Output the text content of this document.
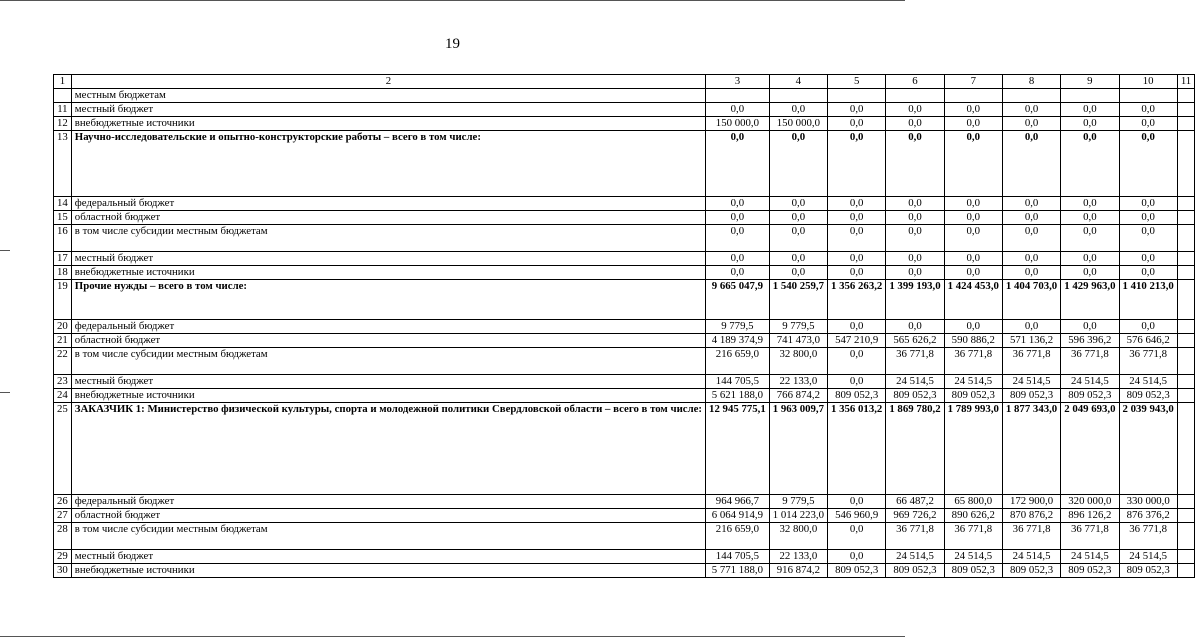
19
1	2	3	4	5	6	7	8	9	10	11
	местным бюджетам									
11	местный бюджет	0,0	0,0	0,0	0,0	0,0	0,0	0,0	0,0	
12	внебюджетные источники	150 000,0	150 000,0	0,0	0,0	0,0	0,0	0,0	0,0	
13	Научно-исследовательские и опытно-конструкторские работы – всего в том числе:	0,0	0,0	0,0	0,0	0,0	0,0	0,0	0,0	
14	федеральный бюджет	0,0	0,0	0,0	0,0	0,0	0,0	0,0	0,0	
15	областной бюджет	0,0	0,0	0,0	0,0	0,0	0,0	0,0	0,0	
16	в том числе субсидии местным бюджетам	0,0	0,0	0,0	0,0	0,0	0,0	0,0	0,0	
17	местный бюджет	0,0	0,0	0,0	0,0	0,0	0,0	0,0	0,0	
18	внебюджетные источники	0,0	0,0	0,0	0,0	0,0	0,0	0,0	0,0	
19	Прочие нужды – всего в том числе:	9 665 047,9	1 540 259,7	1 356 263,2	1 399 193,0	1 424 453,0	1 404 703,0	1 429 963,0	1 410 213,0	
20	федеральный бюджет	9 779,5	9 779,5	0,0	0,0	0,0	0,0	0,0	0,0	
21	областной бюджет	4 189 374,9	741 473,0	547 210,9	565 626,2	590 886,2	571 136,2	596 396,2	576 646,2	
22	в том числе субсидии местным бюджетам	216 659,0	32 800,0	0,0	36 771,8	36 771,8	36 771,8	36 771,8	36 771,8	
23	местный бюджет	144 705,5	22 133,0	0,0	24 514,5	24 514,5	24 514,5	24 514,5	24 514,5	
24	внебюджетные источники	5 621 188,0	766 874,2	809 052,3	809 052,3	809 052,3	809 052,3	809 052,3	809 052,3	
25	ЗАКАЗЧИК 1: Министерство физической культуры, спорта и молодежной политики Свердловской области – всего в том числе:	12 945 775,1	1 963 009,7	1 356 013,2	1 869 780,2	1 789 993,0	1 877 343,0	2 049 693,0	2 039 943,0	
26	федеральный бюджет	964 966,7	9 779,5	0,0	66 487,2	65 800,0	172 900,0	320 000,0	330 000,0	
27	областной бюджет	6 064 914,9	1 014 223,0	546 960,9	969 726,2	890 626,2	870 876,2	896 126,2	876 376,2	
28	в том числе субсидии местным бюджетам	216 659,0	32 800,0	0,0	36 771,8	36 771,8	36 771,8	36 771,8	36 771,8	
29	местный бюджет	144 705,5	22 133,0	0,0	24 514,5	24 514,5	24 514,5	24 514,5	24 514,5	
30	внебюджетные источники	5 771 188,0	916 874,2	809 052,3	809 052,3	809 052,3	809 052,3	809 052,3	809 052,3	
